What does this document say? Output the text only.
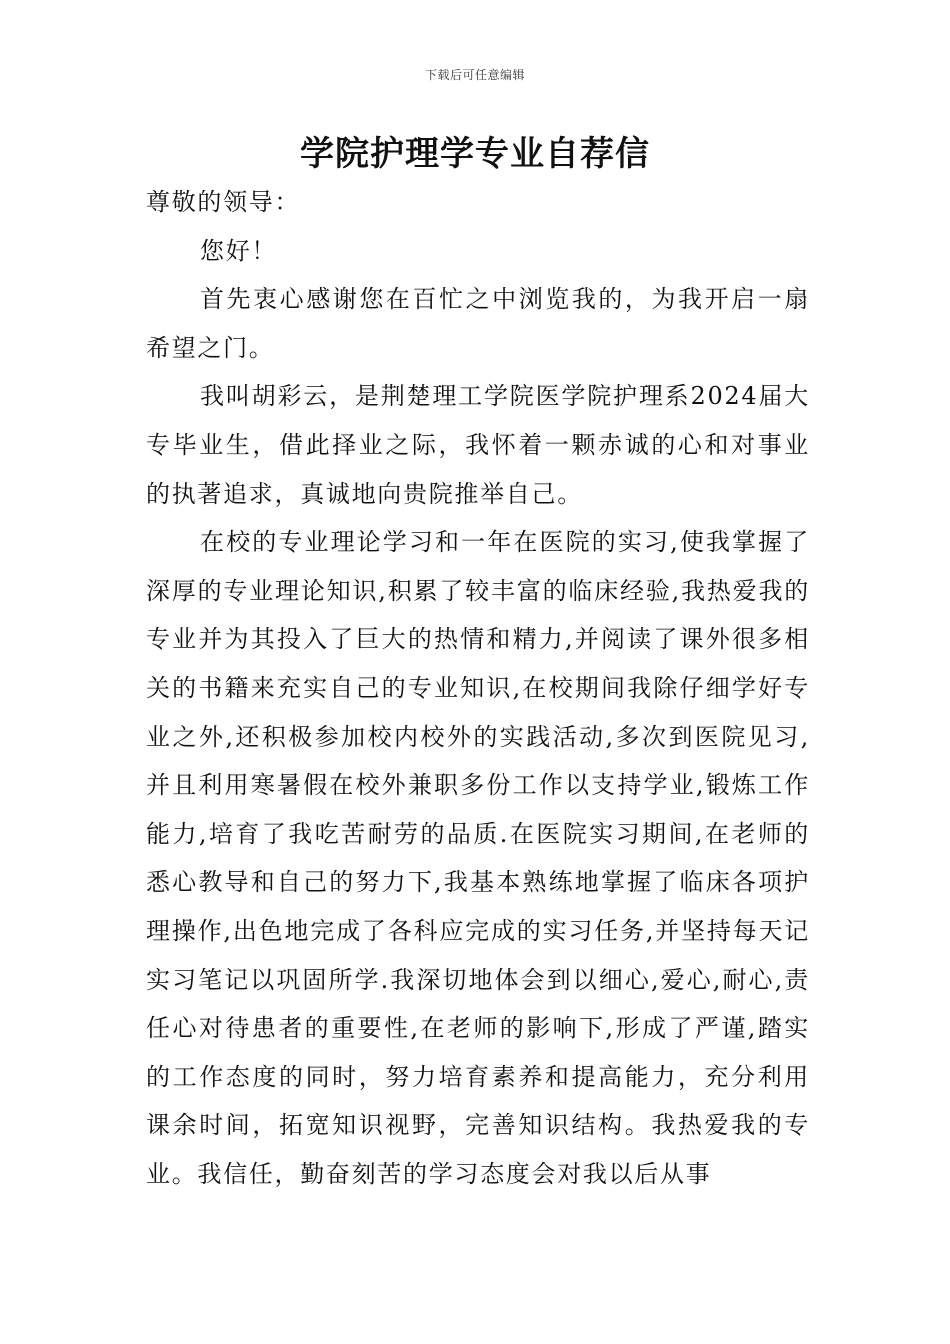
下载后可任意编辑
学院护理学专业自荐信

尊敬的领导：

您好！

首先衷心感谢您在百忙之中浏览我的，为我开启一扇希望之门。

我叫胡彩云，是荆楚理工学院医学院护理系2024届大专毕业生，借此择业之际，我怀着一颗赤诚的心和对事业的执著追求，真诚地向贵院推举自己。

在校的专业理论学习和一年在医院的实习,使我掌握了深厚的专业理论知识,积累了较丰富的临床经验,我热爱我的专业并为其投入了巨大的热情和精力,并阅读了课外很多相关的书籍来充实自己的专业知识,在校期间我除仔细学好专业之外,还积极参加校内校外的实践活动,多次到医院见习,并且利用寒暑假在校外兼职多份工作以支持学业,锻炼工作能力,培育了我吃苦耐劳的品质.在医院实习期间,在老师的悉心教导和自己的努力下,我基本熟练地掌握了临床各项护理操作,出色地完成了各科应完成的实习任务,并坚持每天记实习笔记以巩固所学.我深切地体会到以细心,爱心,耐心,责任心对待患者的重要性,在老师的影响下,形成了严谨,踏实的工作态度的同时，努力培育素养和提高能力，充分利用课余时间，拓宽知识视野，完善知识结构。我热爱我的专业。我信任，勤奋刻苦的学习态度会对我以后从事
